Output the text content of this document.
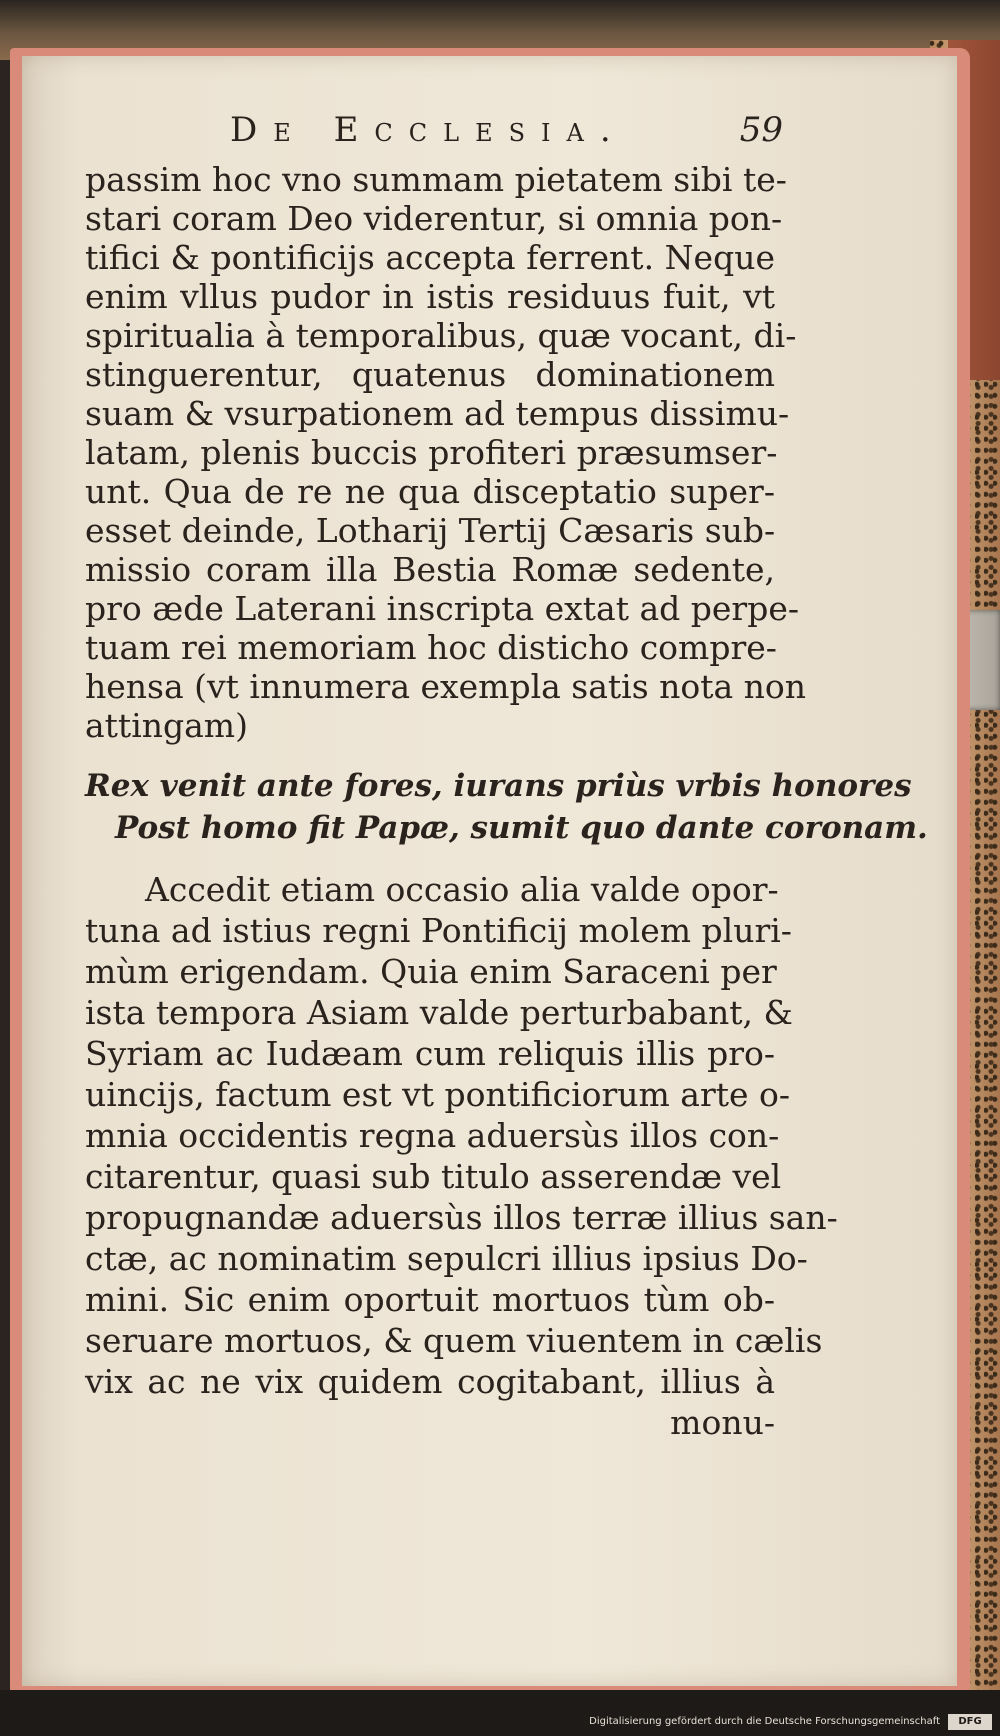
De Ecclesia.	59
passim hoc vno summam pietatem sibi te-
stari coram Deo viderentur, si omnia pon-
tifici & pontificijs accepta ferrent. Neque
enim vllus pudor in istis residuus fuit, vt
spiritualia à temporalibus, quæ vocant, di-
stinguerentur, quatenus dominationem
suam & vsurpationem ad tempus dissimu-
latam, plenis buccis profiteri præsumser-
unt. Qua de re ne qua disceptatio super-
esset deinde, Lotharij Tertij Cæsaris sub-
missio coram illa Bestia Romæ sedente,
pro æde Laterani inscripta extat ad perpe-
tuam rei memoriam hoc disticho compre-
hensa (vt innumera exempla satis nota non
attingam)
Rex venit ante fores, iurans priùs vrbis honores
Post homo fit Papæ, sumit quo dante coronam.
Accedit etiam occasio alia valde opor-
tuna ad istius regni Pontificij molem pluri-
mùm erigendam. Quia enim Saraceni per
ista tempora Asiam valde perturbabant, &
Syriam ac Iudæam cum reliquis illis pro-
uincijs, factum est vt pontificiorum arte o-
mnia occidentis regna aduersùs illos con-
citarentur, quasi sub titulo asserendæ vel
propugnandæ aduersùs illos terræ illius san-
ctæ, ac nominatim sepulcri illius ipsius Do-
mini. Sic enim oportuit mortuos tùm ob-
seruare mortuos, & quem viuentem in cælis
vix ac ne vix quidem cogitabant, illius à
monu-
Digitalisierung gefördert durch die Deutsche Forschungsgemeinschaft	DFG
